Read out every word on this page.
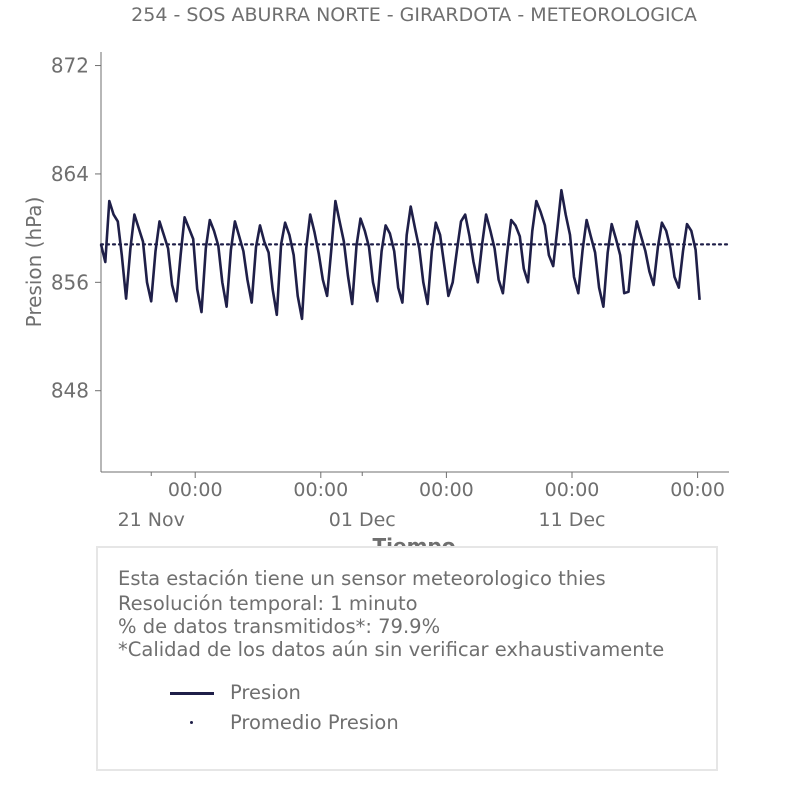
254 - SOS ABURRA NORTE - GIRARDOTA - METEOROLOGICA
Presion (hPa)
848
856
864
872
00:00	00:00	00:00	00:00	00:00
21 Nov	01 Dec	11 Dec
Esta estación tiene un sensor meteorologico thies
Resolución temporal: 1 minuto
% de datos transmitidos*: 79.9%
*Calidad de los datos aún sin verificar exhaustivamente
Presion
Promedio Presion
